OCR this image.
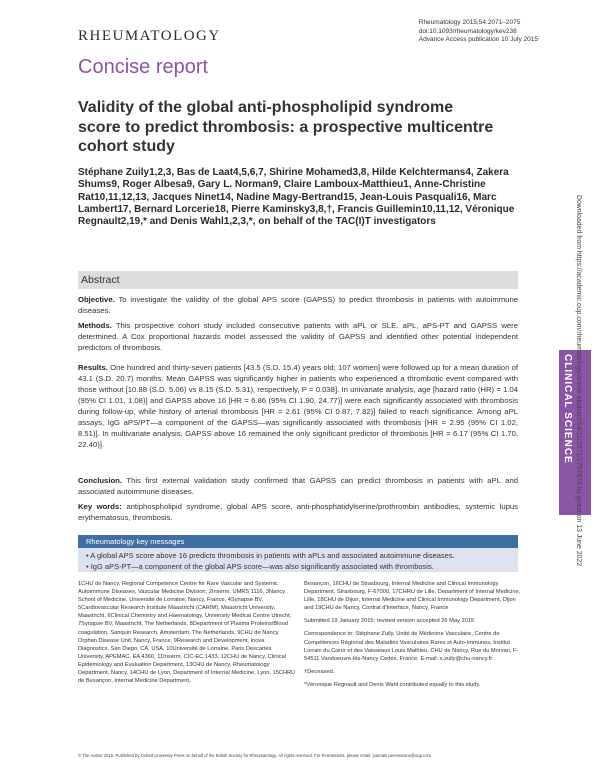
RHEUMATOLOGY
Rheumatology 2015;54:2071–2075
doi:10.1093/rheumatology/kev238
Advance Access publication 10 July 2015
Concise report
Validity of the global anti-phospholipid syndrome score to predict thrombosis: a prospective multicentre cohort study
Stéphane Zuily1,2,3, Bas de Laat4,5,6,7, Shirine Mohamed3,8, Hilde Kelchtermans4, Zakera Shums9, Roger Albesa9, Gary L. Norman9, Claire Lamboux-Matthieu1, Anne-Christine Rat10,11,12,13, Jacques Ninet14, Nadine Magy-Bertrand15, Jean-Louis Pasquali16, Marc Lambert17, Bernard Lorcerie18, Pierre Kaminsky3,8,†, Francis Guillemin10,11,12, Véronique Regnault2,19,* and Denis Wahl1,2,3,*, on behalf of the TAC(I)T investigators
Abstract
Objective. To investigate the validity of the global APS score (GAPSS) to predict thrombosis in patients with autoimmune diseases.
Methods. This prospective cohort study included consecutive patients with aPL or SLE. aPL, aPS-PT and GAPSS were determined. A Cox proportional hazards model assessed the validity of GAPSS and identified other potential independent predictors of thrombosis.
Results. One hundred and thirty-seven patients [43.5 (S.D. 15.4) years old; 107 women] were followed up for a mean duration of 43.1 (S.D. 20.7) months. Mean GAPSS was significantly higher in patients who experienced a thrombotic event compared with those without [10.88 (S.D. 5.06) vs 8.15 (S.D. 5.31), respectively, P = 0.038]. In univariate analysis, age [hazard ratio (HR) = 1.04 (95% CI 1.01, 1.08)] and GAPSS above 16 [HR = 6.86 (95% CI 1.90, 24.77)] were each significantly associated with thrombosis during follow-up, while history of arterial thrombosis [HR = 2.61 (95% CI 0.87, 7.82)] failed to reach significance. Among aPL assays, IgG aPS/PT—a component of the GAPSS—was significantly associated with thrombosis [HR = 2.95 (95% CI 1.02, 8.51)]. In multivariate analysis, GAPSS above 16 remained the only significant predictor of thrombosis [HR = 6.17 (95% CI 1.70, 22.40)].
Conclusion. This first external validation study confirmed that GAPSS can predict thrombosis in patients with aPL and associated autoimmune diseases.
Key words: antiphospholipid syndrome, global APS score, anti-phosphatidylserine/prothrombin antibodies, systemic lupus erythematosus, thrombosis.
Rheumatology key messages
• A global APS score above 16 predicts thrombosis in patients with aPLs and associated autoimmune diseases.
• IgG aPS-PT—a component of the global APS score—was also significantly associated with thrombosis.

1CHU de Nancy, Regional Competence Centre for Rare Vascular and Systemic Autoimmune Diseases, Vascular Medicine Division, 2Inserm, UMRS 1116, 3Nancy School of Medicine, Université de Lorraine, Nancy, France, 4Synapse BV, 5Cardiovascular Research Institute Maastricht (CARIM), Maastricht University, Maastricht, 6Clinical Chemistry and Haematology, University Medical Centre Utrecht, 7Synapse BV, Maastricht, The Netherlands, 8Department of Plasma Proteins/Blood coagulation, Sanquin Research, Amsterdam, The Netherlands, 9CHU de Nancy, Orphan Disease Unit, Nancy, France, 9Research and Development, Inova Diagnostics, San Diego, CA, USA, 10Université de Lorraine, Paris Descartes University, APEMAC, EA 4360, 11Inserm, CIC-EC 1433, 12CHU de Nancy, Clinical Epidemiology and Evaluation Department, 13CHU de Nancy, Rheumatology Department, Nancy, 14CHU de Lyon, Department of Internal Medicine, Lyon, 15CHRU de Besançon, Internal Medicine Department,

Besançon, 16CHU de Strasbourg, Internal Medicine and Clinical Immunology Department, Strasbourg, F-67000, 17CHRU de Lille, Department of Internal Medicine, Lille, 18CHU de Dijon, Internal Medicine and Clinical Immunology Department, Dijon and 19CHU de Nancy, Contrat d'Interface, Nancy, France

Submitted 19 January 2015; revised version accepted 26 May 2015

Correspondence to: Stéphane Zuily, Unité de Médecine Vasculaire, Centre de Compétences Régional des Maladies Vasculaires Rares et Auto-Immunes, Institut Lorrain du Cœur et des Vaisseaux Louis Mathieu, CHU de Nancy, Rue du Morvan, F-54511 Vandoeuvre-lès-Nancy Cedex, France. E-mail: s.zuily@chu-nancy.fr

†Deceased.

*Véronique Regnault and Denis Wahl contributed equally to this study.

© The Author 2015. Published by Oxford University Press on behalf of the British Society for Rheumatology. All rights reserved. For Permissions, please email: journals.permissions@oup.com
CLINICAL SCIENCE Downloaded from https://academic.oup.com/rheumatology/article-abstract/54/11/2071/1797873 by guest on 13 June 2022
